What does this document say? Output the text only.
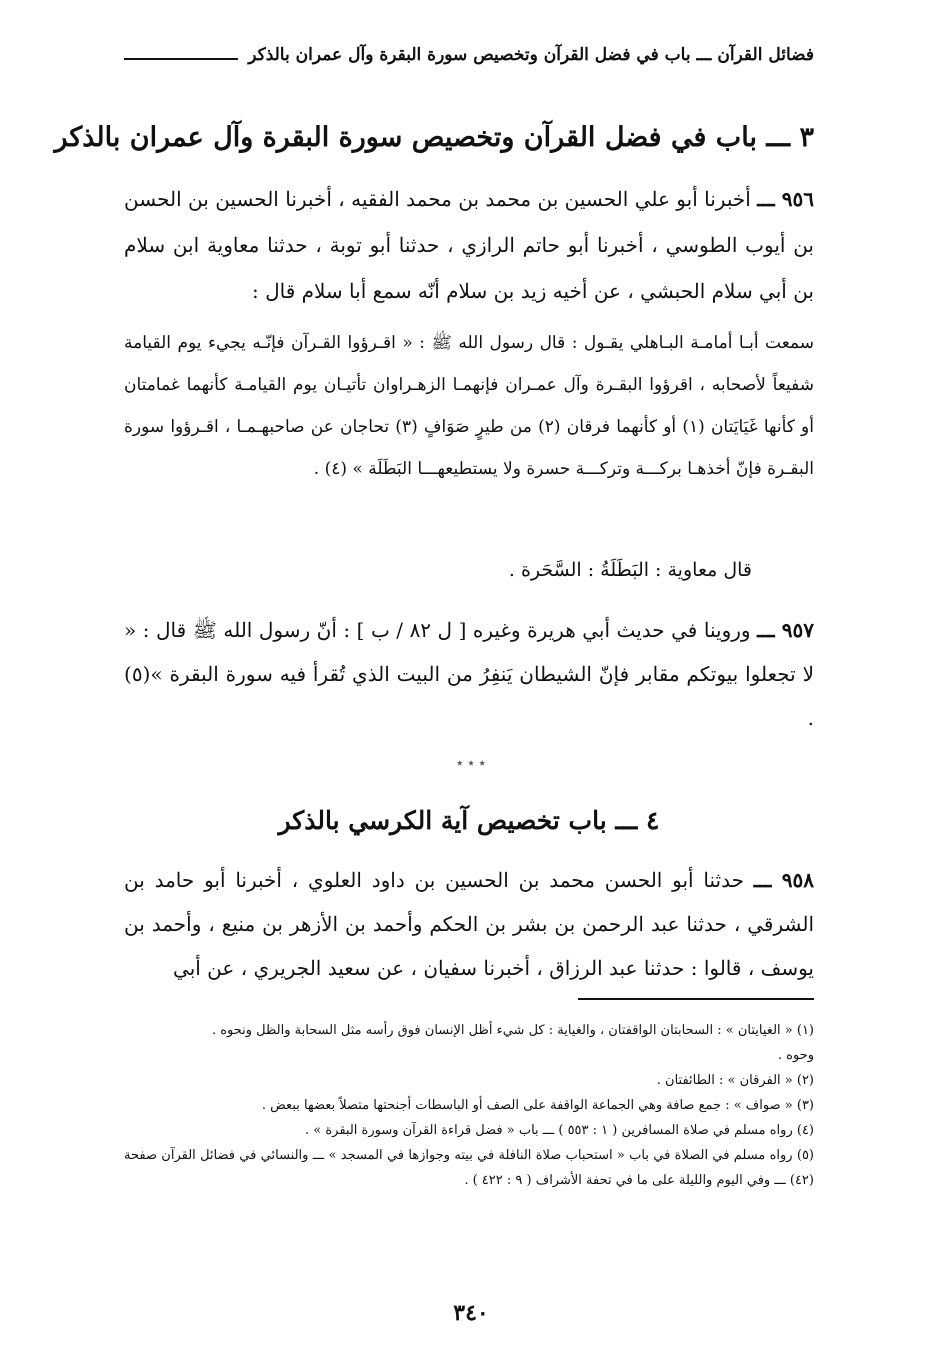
فضائل القرآن ـــ باب في فضل القرآن وتخصيص سورة البقرة وآل عمران بالذكر
٣ ـــ باب في فضل القرآن وتخصيص سورة البقرة وآل عمران بالذكر
٩٥٦ ـــ أخبرنا أبو علي الحسين بن محمد بن محمد الفقيه ، أخبرنا الحسين بن الحسن بن أيوب الطوسي ، أخبرنا أبو حاتم الرازي ، حدثنا أبو توبة ، حدثنا معاوية ابن سلام بن أبي سلام الحبشي ، عن أخيه زيد بن سلام أنّه سمع أبا سلام قال :
سمعت أبـا أمامـة البـاهلي يقـول : قال رسول الله ﷺ : « اقـرؤوا القـرآن فإنّـه يجيء يوم القيامة شفيعاً لأصحابه ، اقرؤوا البقـرة وآل عمـران فإنهمـا الزهـراوان تأتيـان يوم القيامـة كأنهما غمامتان أو كأنها غَيَايَتان (١) أو كأنهما فرقان (٢) من طيرٍ صَوَافٍ (٣) تحاجان عن صاحبهـمـا ، اقـرؤوا سورة البقـرة فإنّ أخذهـا بركـــة وتركـــة حسرة ولا يستطيعهـــا البَطَلَة » (٤) .
قال معاوية : البَطَلَةُ : السَّحَرة .
٩٥٧ ـــ وروينا في حديث أبي هريرة وغيره [ ل ٨٢ / ب ] : أنّ رسول الله ﷺ قال : « لا تجعلوا بيوتكم مقابر فإنّ الشيطان يَنفِرُ من البيت الذي تُقرأ فيه سورة البقرة »(٥) .
٭ ٭ ٭
٤ ـــ باب تخصيص آية الكرسي بالذكر
٩٥٨ ـــ حدثنا أبو الحسن محمد بن الحسين بن داود العلوي ، أخبرنا أبو حامد بن الشرقي ، حدثنا عبد الرحمن بن بشر بن الحكم وأحمد بن الأزهر بن منيع ، وأحمد بن يوسف ، قالوا : حدثنا عبد الرزاق ، أخبرنا سفيان ، عن سعيد الجريري ، عن أبي
(١) « الغيايتان » : السحابتان الواقفتان ، والغياية : كل شيء أظل الإنسان فوق رأسه مثل السحابة والظل ونحوه .
وحوه .
(٢) « الفرقان » : الطائفتان .
(٣) « صواف » : جمع صافة وهي الجماعة الواقفة على الصف أو الباسطات أجنحتها متصلاً بعضها ببعض .
(٤) رواه مسلم في صلاة المسافرين ( ١ : ٥٥٣ ) ـــ باب « فضل قراءة القرآن وسورة البقرة » .
(٥) رواه مسلم في الصلاة في باب « استحباب صلاة النافلة في بيته وجوازها في المسجد » ـــ والنسائي في فضائل القرآن صفحة (٤٢) ـــ وفي اليوم والليلة على ما في تحفة الأشراف ( ٩ : ٤٢٢ ) .
٣٤٠
